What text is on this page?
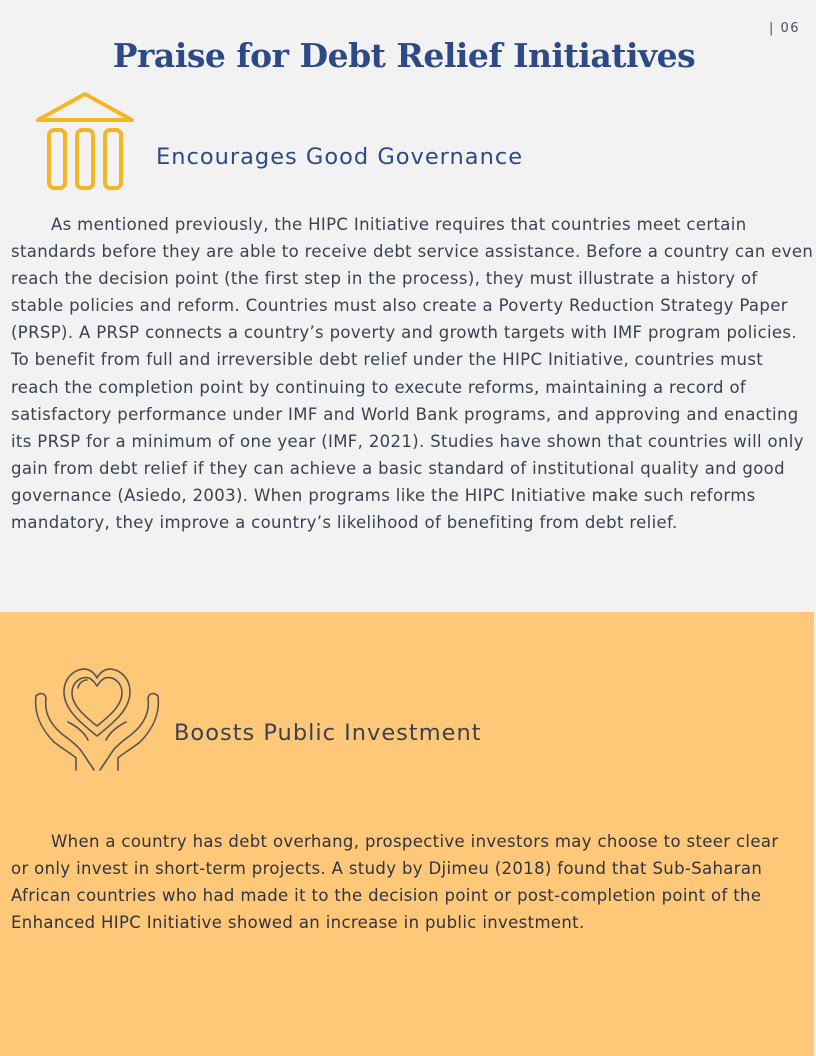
Praise for Debt Relief Initiatives
| 06
Encourages Good Governance

As mentioned previously, the HIPC Initiative requires that countries meet certain standards before they are able to receive debt service assistance. Before a country can even reach the decision point (the first step in the process), they must illustrate a history of stable policies and reform. Countries must also create a Poverty Reduction Strategy Paper (PRSP). A PRSP connects a country’s poverty and growth targets with IMF program policies. To benefit from full and irreversible debt relief under the HIPC Initiative, countries must reach the completion point by continuing to execute reforms, maintaining a record of satisfactory performance under IMF and World Bank programs, and approving and enacting its PRSP for a minimum of one year (IMF, 2021). Studies have shown that countries will only gain from debt relief if they can achieve a basic standard of institutional quality and good governance (Asiedo, 2003). When programs like the HIPC Initiative make such reforms mandatory, they improve a country’s likelihood of benefiting from debt relief.

Boosts Public Investment

When a country has debt overhang, prospective investors may choose to steer clear or only invest in short-term projects. A study by Djimeu (2018) found that Sub-Saharan African countries who had made it to the decision point or post-completion point of the Enhanced HIPC Initiative showed an increase in public investment.
